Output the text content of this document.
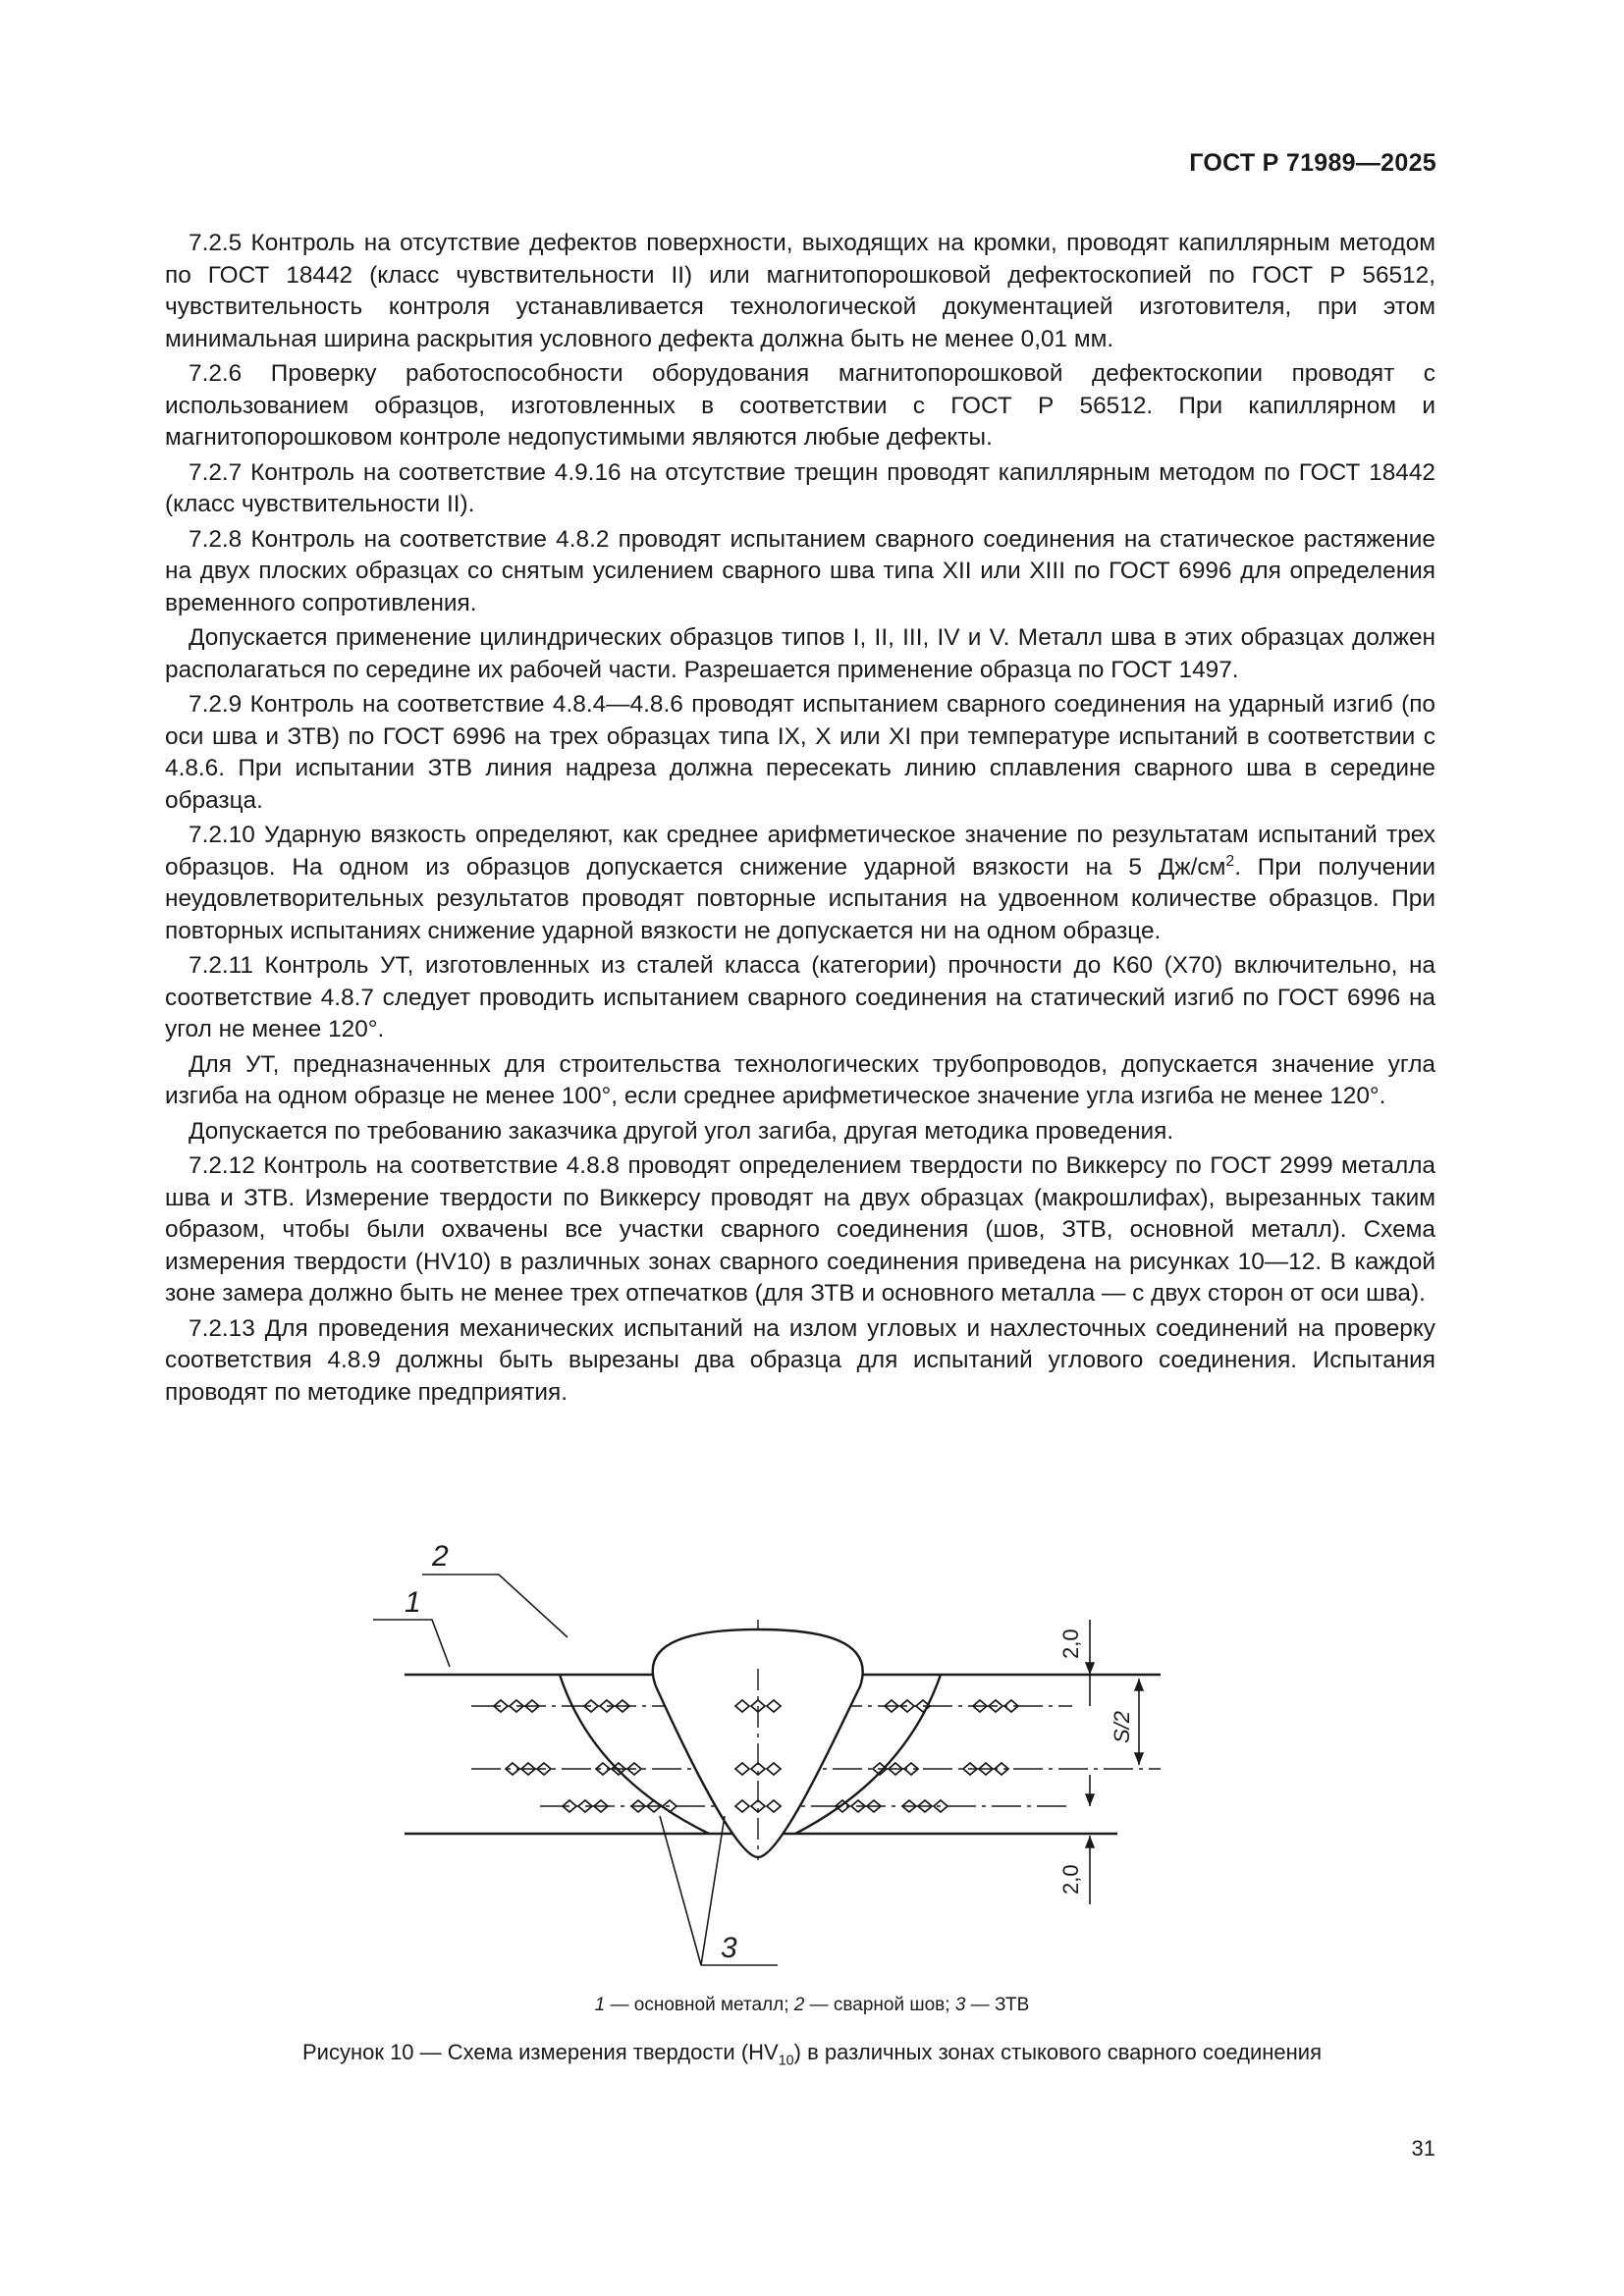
ГОСТ Р 71989—2025

7.2.5 Контроль на отсутствие дефектов поверхности, выходящих на кромки, проводят капиллярным методом по ГОСТ 18442 (класс чувствительности II) или магнитопорошковой дефектоскопией по ГОСТ Р 56512, чувствительность контроля устанавливается технологической документацией изготовителя, при этом минимальная ширина раскрытия условного дефекта должна быть не менее 0,01 мм.

7.2.6 Проверку работоспособности оборудования магнитопорошковой дефектоскопии проводят с использованием образцов, изготовленных в соответствии с ГОСТ Р 56512. При капиллярном и магнитопорошковом контроле недопустимыми являются любые дефекты.

7.2.7 Контроль на соответствие 4.9.16 на отсутствие трещин проводят капиллярным методом по ГОСТ 18442 (класс чувствительности II).

7.2.8 Контроль на соответствие 4.8.2 проводят испытанием сварного соединения на статическое растяжение на двух плоских образцах со снятым усилением сварного шва типа XII или XIII по ГОСТ 6996 для определения временного сопротивления.

Допускается применение цилиндрических образцов типов I, II, III, IV и V. Металл шва в этих образцах должен располагаться по середине их рабочей части. Разрешается применение образца по ГОСТ 1497.

7.2.9 Контроль на соответствие 4.8.4—4.8.6 проводят испытанием сварного соединения на ударный изгиб (по оси шва и ЗТВ) по ГОСТ 6996 на трех образцах типа IX, X или XI при температуре испытаний в соответствии с 4.8.6. При испытании ЗТВ линия надреза должна пересекать линию сплавления сварного шва в середине образца.

7.2.10 Ударную вязкость определяют, как среднее арифметическое значение по результатам испытаний трех образцов. На одном из образцов допускается снижение ударной вязкости на 5 $Дж/см^2$. При получении неудовлетворительных результатов проводят повторные испытания на удвоенном количестве образцов. При повторных испытаниях снижение ударной вязкости не допускается ни на одном образце.

7.2.11 Контроль УТ, изготовленных из сталей класса (категории) прочности до К60 (Х70) включительно, на соответствие 4.8.7 следует проводить испытанием сварного соединения на статический изгиб по ГОСТ 6996 на угол не менее 120°.

Для УТ, предназначенных для строительства технологических трубопроводов, допускается значение угла изгиба на одном образце не менее 100°, если среднее арифметическое значение угла изгиба не менее 120°.

Допускается по требованию заказчика другой угол загиба, другая методика проведения.

7.2.12 Контроль на соответствие 4.8.8 проводят определением твердости по Виккерсу по ГОСТ 2999 металла шва и ЗТВ. Измерение твердости по Виккерсу проводят на двух образцах (макрошлифах), вырезанных таким образом, чтобы были охвачены все участки сварного соединения (шов, ЗТВ, основной металл). Схема измерения твердости (HV10) в различных зонах сварного соединения приведена на рисунках 10—12. В каждой зоне замера должно быть не менее трех отпечатков (для ЗТВ и основного металла — с двух сторон от оси шва).

7.2.13 Для проведения механических испытаний на излом угловых и нахлесточных соединений на проверку соответствия 4.8.9 должны быть вырезаны два образца для испытаний углового соединения. Испытания проводят по методике предприятия.

1
2
3
2,0
S/2
2,0
1 — основной металл; 2 — сварной шов; 3 — ЗТВ
Рисунок 10 — Схема измерения твердости $(HV_{10})$ в различных зонах стыкового сварного соединения
31
